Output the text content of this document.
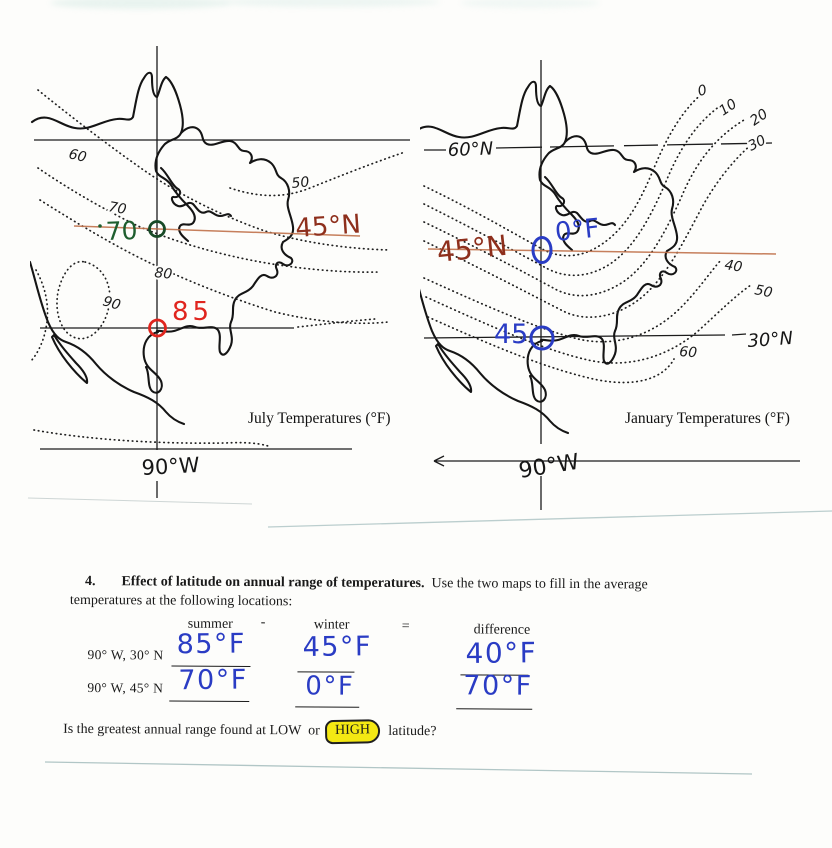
60
50
70
80
90
45°N
70
85
July Temperatures (°F)
90°W
0
10 20
30
40
50
60
60°N
30°N
45°N 0°F
45
January Temperatures (°F)
90°W
4. Effect of latitude on annual range of temperatures.  Use the two maps to fill in the average
temperatures at the following locations:
summer -	winter	=	difference
90° W, 30° N 85°F 45°F	40°F
90° W, 45° N 70°F 0°F	70°F
Is the greatest annual range found at LOW  or	HIGH	latitude?
